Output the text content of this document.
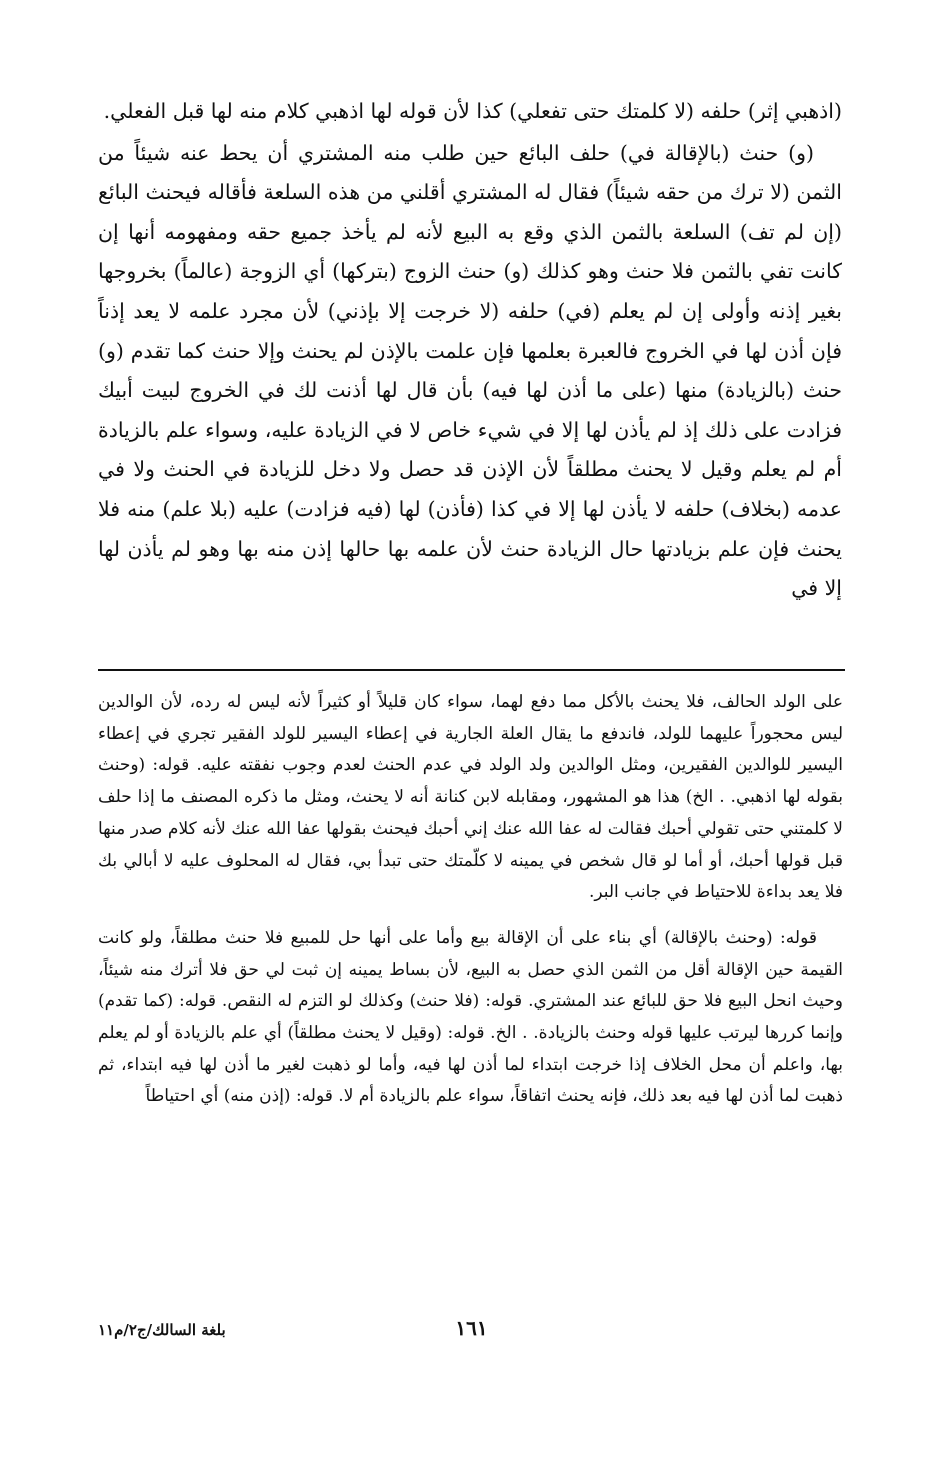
(اذهبي إثر) حلفه (لا كلمتك حتى تفعلي) كذا لأن قوله لها اذهبي كلام منه لها قبل الفعلي.

(و) حنث (بالإقالة في) حلف البائع حين طلب منه المشتري أن يحط عنه شيئاً من الثمن (لا ترك من حقه شيئاً) فقال له المشتري أقلني من هذه السلعة فأقاله فيحنث البائع (إن لم تف) السلعة بالثمن الذي وقع به البيع لأنه لم يأخذ جميع حقه ومفهومه أنها إن كانت تفي بالثمن فلا حنث وهو كذلك (و) حنث الزوج (بتركها) أي الزوجة (عالماً) بخروجها بغير إذنه وأولى إن لم يعلم (في) حلفه (لا خرجت إلا بإذني) لأن مجرد علمه لا يعد إذناً فإن أذن لها في الخروج فالعبرة بعلمها فإن علمت بالإذن لم يحنث وإلا حنث كما تقدم (و) حنث (بالزيادة) منها (على ما أذن لها فيه) بأن قال لها أذنت لك في الخروج لبيت أبيك فزادت على ذلك إذ لم يأذن لها إلا في شيء خاص لا في الزيادة عليه، وسواء علم بالزيادة أم لم يعلم وقيل لا يحنث مطلقاً لأن الإذن قد حصل ولا دخل للزيادة في الحنث ولا في عدمه (بخلاف) حلفه لا يأذن لها إلا في كذا (فأذن) لها (فيه فزادت) عليه (بلا علم) منه فلا يحنث فإن علم بزيادتها حال الزيادة حنث لأن علمه بها حالها إذن منه بها وهو لم يأذن لها إلا في

على الولد الحالف، فلا يحنث بالأكل مما دفع لهما، سواء كان قليلاً أو كثيراً لأنه ليس له رده، لأن الوالدين ليس محجوراً عليهما للولد، فاندفع ما يقال العلة الجارية في إعطاء اليسير للولد الفقير تجري في إعطاء اليسير للوالدين الفقيرين، ومثل الوالدين ولد الولد في عدم الحنث لعدم وجوب نفقته عليه. قوله: (وحنث بقوله لها اذهبي. . الخ) هذا هو المشهور، ومقابله لابن كنانة أنه لا يحنث، ومثل ما ذكره المصنف ما إذا حلف لا كلمتني حتى تقولي أحبك فقالت له عفا الله عنك إني أحبك فيحنث بقولها عفا الله عنك لأنه كلام صدر منها قبل قولها أحبك، أو أما لو قال شخص في يمينه لا كلّمتك حتى تبدأ بي، فقال له المحلوف عليه لا أبالي بك فلا يعد بداءة للاحتياط في جانب البر.

قوله: (وحنث بالإقالة) أي بناء على أن الإقالة بيع وأما على أنها حل للمبيع فلا حنث مطلقاً، ولو كانت القيمة حين الإقالة أقل من الثمن الذي حصل به البيع، لأن بساط يمينه إن ثبت لي حق فلا أترك منه شيئاً، وحيث انحل البيع فلا حق للبائع عند المشتري. قوله: (فلا حنث) وكذلك لو التزم له النقص. قوله: (كما تقدم) وإنما كررها ليرتب عليها قوله وحنث بالزيادة. . الخ. قوله: (وقيل لا يحنث مطلقاً) أي علم بالزيادة أو لم يعلم بها، واعلم أن محل الخلاف إذا خرجت ابتداء لما أذن لها فيه، وأما لو ذهبت لغير ما أذن لها فيه ابتداء، ثم ذهبت لما أذن لها فيه بعد ذلك، فإنه يحنث اتفاقاً، سواء علم بالزيادة أم لا. قوله: (إذن منه) أي احتياطاً

١٦١
بلغة السالك/ج٢/م١١
